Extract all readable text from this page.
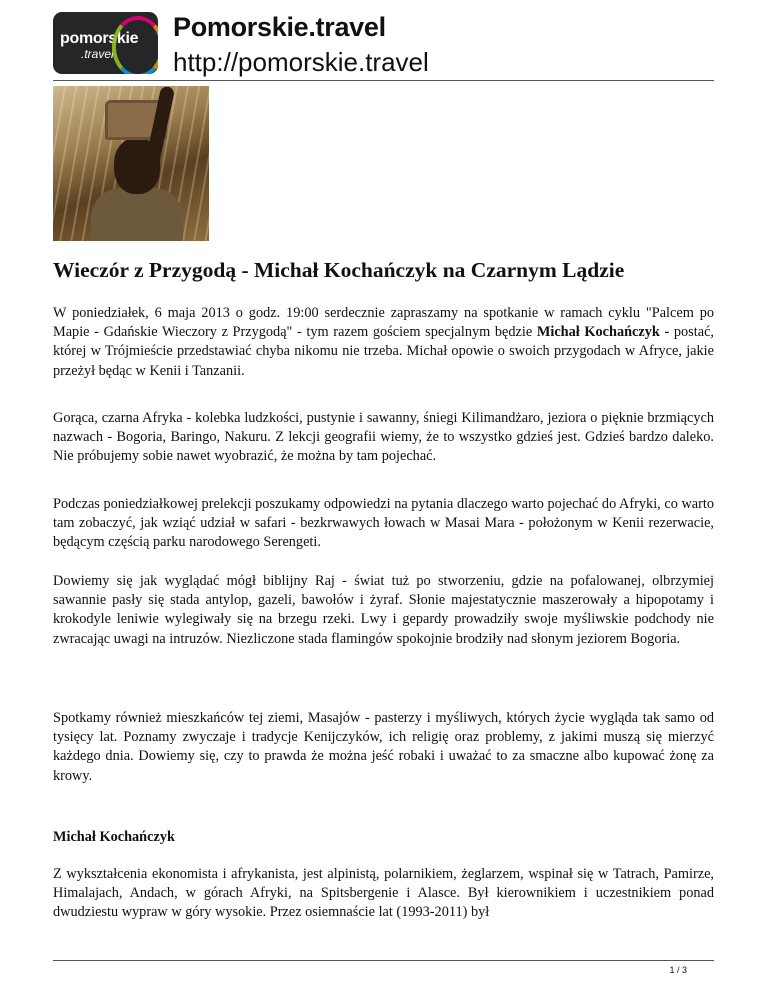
pomorskie
.travel
Pomorskie.travel
http://pomorskie.travel
Wieczór z Przygodą - Michał Kochańczyk na Czarnym Lądzie

W poniedziałek, 6 maja 2013 o godz. 19:00 serdecznie zapraszamy na spotkanie w ramach cyklu "Palcem po Mapie - Gdańskie Wieczory z Przygodą" - tym razem gościem specjalnym będzie Michał Kochańczyk - postać, której w Trójmieście przedstawiać chyba nikomu nie trzeba. Michał opowie o swoich przygodach w Afryce, jakie przeżył będąc w Kenii i Tanzanii.

Gorąca, czarna Afryka - kolebka ludzkości, pustynie i sawanny, śniegi Kilimandżaro, jeziora o pięknie brzmiących nazwach - Bogoria, Baringo, Nakuru. Z lekcji geografii wiemy, że to wszystko gdzieś jest. Gdzieś bardzo daleko. Nie próbujemy sobie nawet wyobrazić, że można by tam pojechać.

Podczas poniedziałkowej prelekcji poszukamy odpowiedzi na pytania dlaczego warto pojechać do Afryki, co warto tam zobaczyć, jak wziąć udział w safari - bezkrwawych łowach w Masai Mara - położonym w Kenii rezerwacie, będącym częścią parku narodowego Serengeti.

Dowiemy się jak wyglądać mógł biblijny Raj - świat tuż po stworzeniu, gdzie na pofalowanej, olbrzymiej sawannie pasły się stada antylop, gazeli, bawołów i żyraf. Słonie majestatycznie maszerowały a hipopotamy i krokodyle leniwie wylegiwały się na brzegu rzeki. Lwy i gepardy prowadziły swoje myśliwskie podchody nie zwracając uwagi na intruzów. Niezliczone stada flamingów spokojnie brodziły nad słonym jeziorem Bogoria.

Spotkamy również mieszkańców tej ziemi, Masajów - pasterzy i myśliwych, których życie wygląda tak samo od tysięcy lat. Poznamy zwyczaje i tradycje Kenijczyków, ich religię oraz problemy, z jakimi muszą się mierzyć każdego dnia. Dowiemy się, czy to prawda że można jeść robaki i uważać to za smaczne albo kupować żonę za krowy.

Michał Kochańczyk

Z wykształcenia ekonomista i afrykanista, jest alpinistą, polarnikiem, żeglarzem, wspinał się w Tatrach, Pamirze, Himalajach, Andach, w górach Afryki, na Spitsbergenie i Alasce. Był kierownikiem i uczestnikiem ponad dwudziestu wypraw w góry wysokie. Przez osiemnaście lat (1993-2011) był

1 / 3
